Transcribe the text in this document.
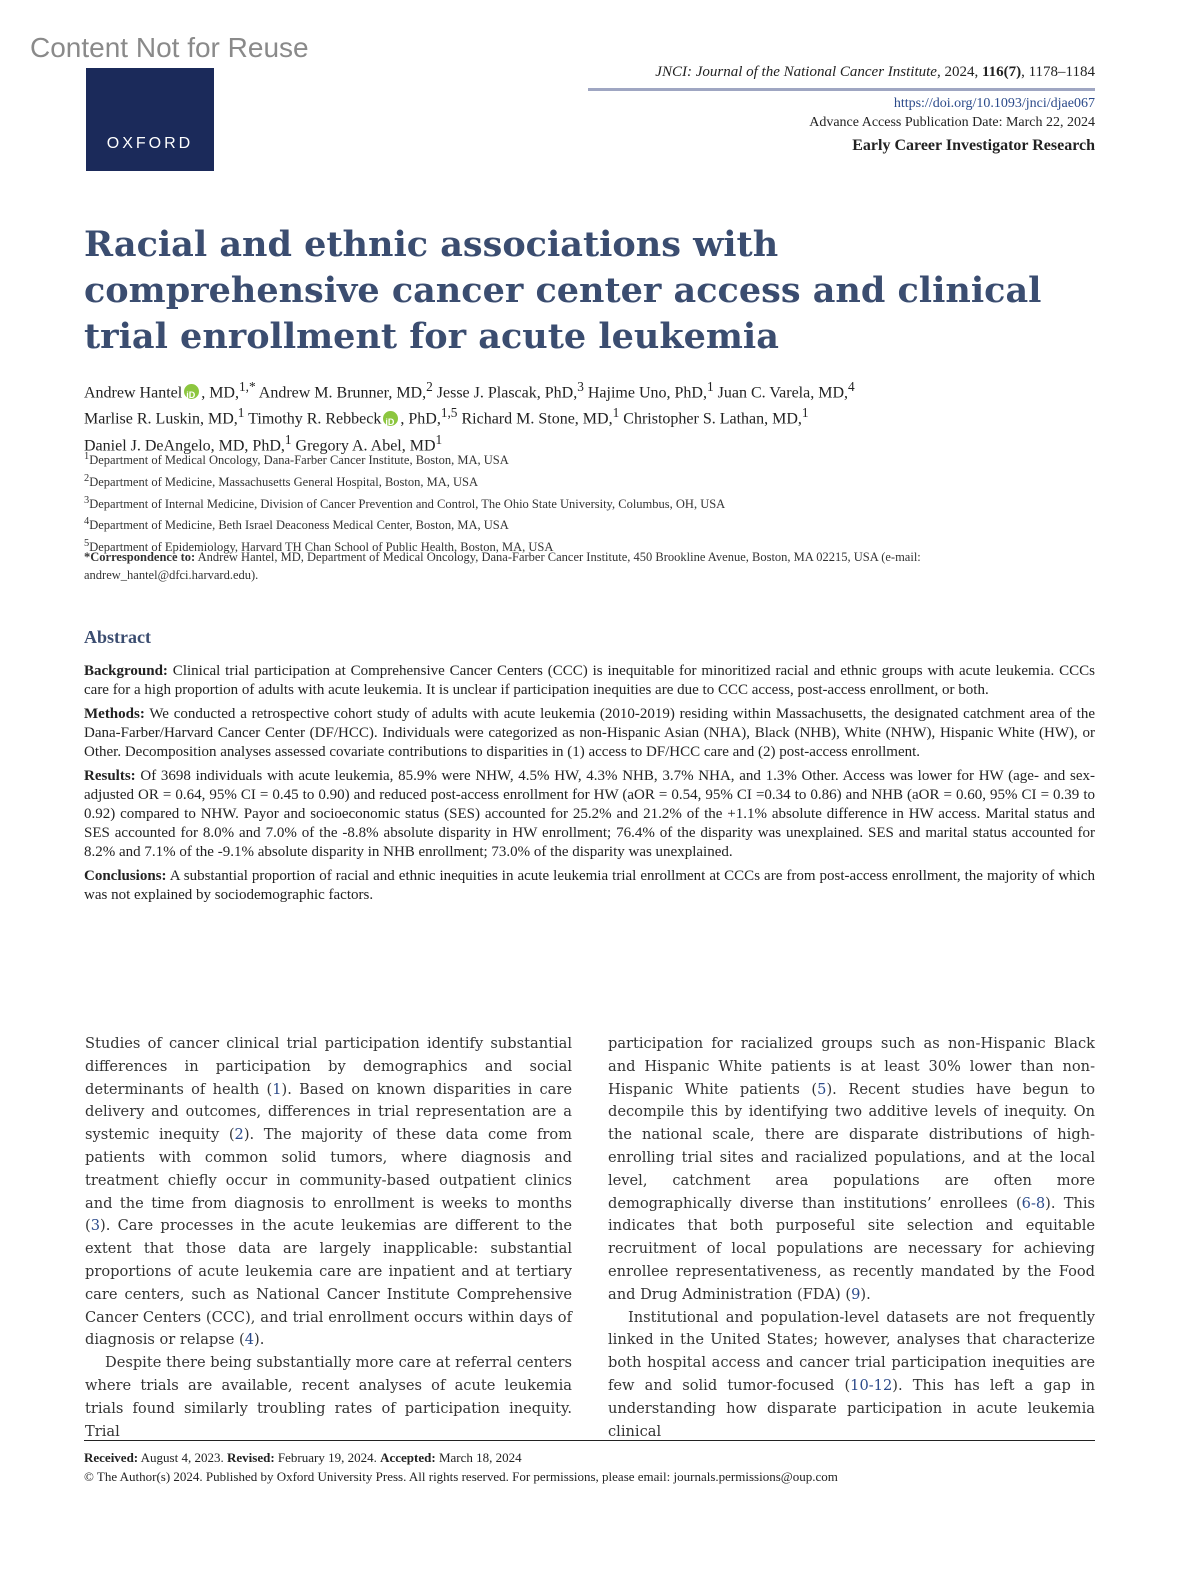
Content Not for Reuse
OXFORD
JNCI: Journal of the National Cancer Institute, 2024, 116(7), 1178–1184
https://doi.org/10.1093/jnci/djae067
Advance Access Publication Date: March 22, 2024
Early Career Investigator Research
Racial and ethnic associations with comprehensive cancer center access and clinical trial enrollment for acute leukemia
Andrew Hantel iD , MD,$^{1,*}$ Andrew M. Brunner, MD,$^2$ Jesse J. Plascak, PhD,$^3$ Hajime Uno, PhD,$^1$ Juan C. Varela, MD,$^4$
Marlise R. Luskin, MD,$^1$ Timothy R. Rebbeck iD , PhD,$^{1,5}$ Richard M. Stone, MD,$^1$ Christopher S. Lathan, MD,$^1$
Daniel J. DeAngelo, MD, PhD,$^1$ Gregory A. Abel, $MD^1$
$^1$Department of Medical Oncology, Dana-Farber Cancer Institute, Boston, MA, USA
$^2$Department of Medicine, Massachusetts General Hospital, Boston, MA, USA
$^3$Department of Internal Medicine, Division of Cancer Prevention and Control, The Ohio State University, Columbus, OH, USA
$^4$Department of Medicine, Beth Israel Deaconess Medical Center, Boston, MA, USA
$^5$Department of Epidemiology, Harvard TH Chan School of Public Health, Boston, MA, USA
*Correspondence to: Andrew Hantel, MD, Department of Medical Oncology, Dana-Farber Cancer Institute, 450 Brookline Avenue, Boston, MA 02215, USA (e-mail: andrew_hantel@dfci.harvard.edu).
Abstract

Background: Clinical trial participation at Comprehensive Cancer Centers (CCC) is inequitable for minoritized racial and ethnic groups with acute leukemia. CCCs care for a high proportion of adults with acute leukemia. It is unclear if participation inequities are due to CCC access, post-access enrollment, or both.

Methods: We conducted a retrospective cohort study of adults with acute leukemia (2010-2019) residing within Massachusetts, the designated catchment area of the Dana-Farber/Harvard Cancer Center (DF/HCC). Individuals were categorized as non-Hispanic Asian (NHA), Black (NHB), White (NHW), Hispanic White (HW), or Other. Decomposition analyses assessed covariate contributions to disparities in (1) access to DF/HCC care and (2) post-access enrollment.

Results: Of 3698 individuals with acute leukemia, 85.9% were NHW, 4.5% HW, 4.3% NHB, 3.7% NHA, and 1.3% Other. Access was lower for HW (age- and sex-adjusted OR = 0.64, 95% CI = 0.45 to 0.90) and reduced post-access enrollment for HW (aOR = 0.54, 95% CI =0.34 to 0.86) and NHB (aOR = 0.60, 95% CI = 0.39 to 0.92) compared to NHW. Payor and socioeconomic status (SES) accounted for 25.2% and 21.2% of the +1.1% absolute difference in HW access. Marital status and SES accounted for 8.0% and 7.0% of the -8.8% absolute disparity in HW enrollment; 76.4% of the disparity was unexplained. SES and marital status accounted for 8.2% and 7.1% of the -9.1% absolute disparity in NHB enrollment; 73.0% of the disparity was unexplained.

Conclusions: A substantial proportion of racial and ethnic inequities in acute leukemia trial enrollment at CCCs are from post-access enrollment, the majority of which was not explained by sociodemographic factors.

Studies of cancer clinical trial participation identify substantial differences in participation by demographics and social determinants of health (1). Based on known disparities in care delivery and outcomes, differences in trial representation are a systemic inequity (2). The majority of these data come from patients with common solid tumors, where diagnosis and treatment chiefly occur in community-based outpatient clinics and the time from diagnosis to enrollment is weeks to months (3). Care processes in the acute leukemias are different to the extent that those data are largely inapplicable: substantial proportions of acute leukemia care are inpatient and at tertiary care centers, such as National Cancer Institute Comprehensive Cancer Centers (CCC), and trial enrollment occurs within days of diagnosis or relapse (4).

Despite there being substantially more care at referral centers where trials are available, recent analyses of acute leukemia trials found similarly troubling rates of participation inequity. Trial

participation for racialized groups such as non-Hispanic Black and Hispanic White patients is at least 30% lower than non-Hispanic White patients (5). Recent studies have begun to decompile this by identifying two additive levels of inequity. On the national scale, there are disparate distributions of high-enrolling trial sites and racialized populations, and at the local level, catchment area populations are often more demographically diverse than institutions’ enrollees (6-8). This indicates that both purposeful site selection and equitable recruitment of local populations are necessary for achieving enrollee representativeness, as recently mandated by the Food and Drug Administration (FDA) (9).

Institutional and population-level datasets are not frequently linked in the United States; however, analyses that characterize both hospital access and cancer trial participation inequities are few and solid tumor-focused (10-12). This has left a gap in understanding how disparate participation in acute leukemia clinical

Received: August 4, 2023. Revised: February 19, 2024. Accepted: March 18, 2024
© The Author(s) 2024. Published by Oxford University Press. All rights reserved. For permissions, please email: journals.permissions@oup.com
